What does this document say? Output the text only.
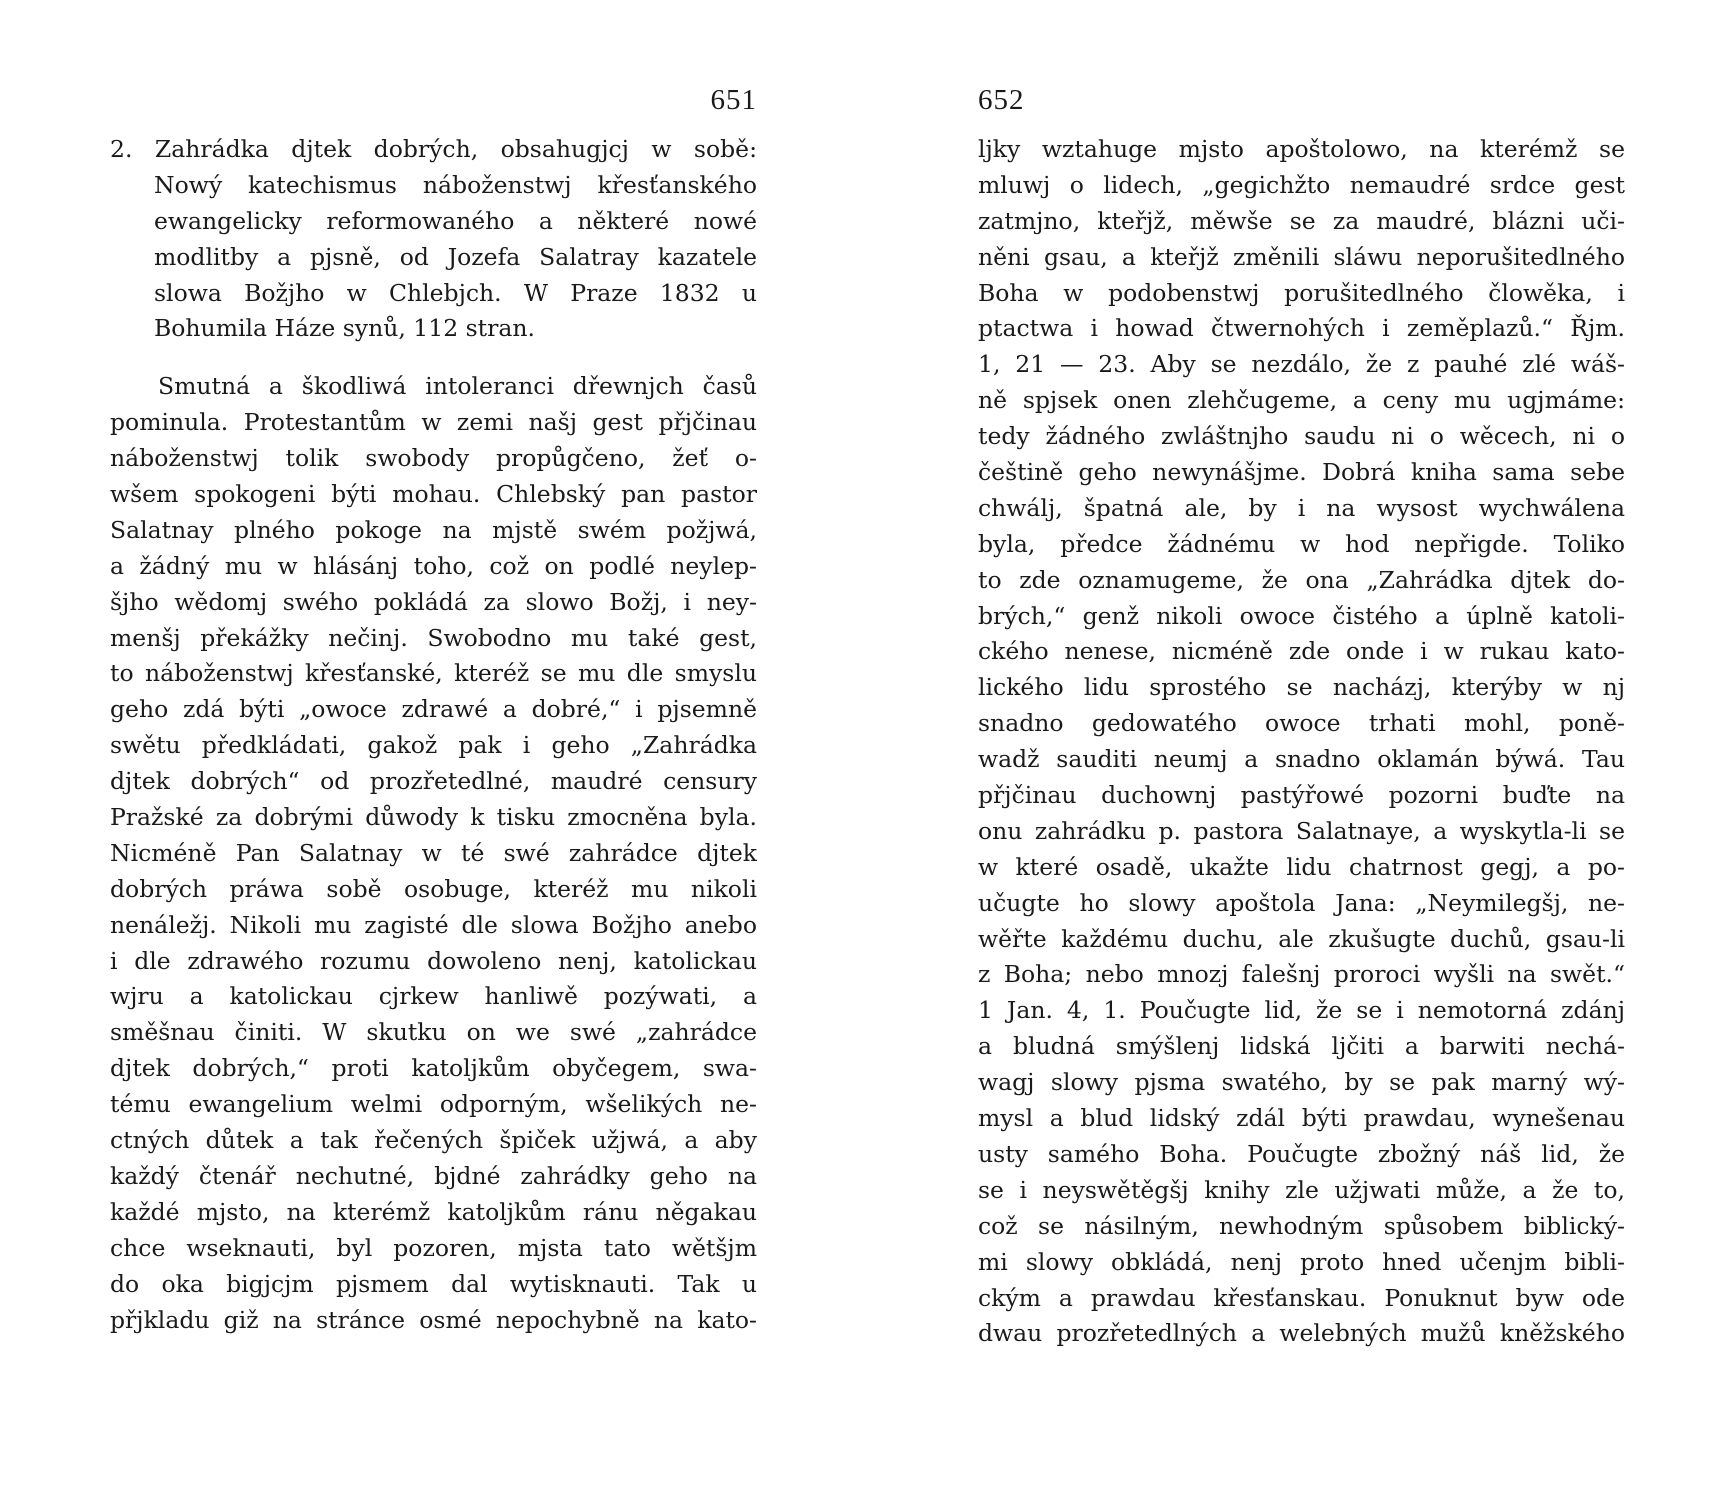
651
2. Zahrádka djtek dobrých, obsahugjcj w sobě:
Nowý katechismus náboženstwj křesťanského
ewangelicky reformowaného a některé nowé
modlitby a pjsně, od Jozefa Salatray kazatele
slowa Božjho w Chlebjch. W Praze 1832 u
Bohumila Háze synů, 112 stran.
Smutná a škodliwá intoleranci dřewnjch časů
pominula. Protestantům w zemi našj gest přjčinau
náboženstwj tolik swobody propůgčeno, žeť o-
wšem spokogeni býti mohau. Chlebský pan pastor
Salatnay plného pokoge na mjstě swém požjwá,
a žádný mu w hlásánj toho, což on podlé neylep-
šjho wědomj swého pokládá za slowo Božj, i ney-
menšj překážky nečinj. Swobodno mu také gest,
to náboženstwj křesťanské, kteréž se mu dle smyslu
geho zdá býti „owoce zdrawé a dobré,“ i pjsemně
swětu předkládati, gakož pak i geho „Zahrádka
djtek dobrých“ od prozřetedlné, maudré censury
Pražské za dobrými důwody k tisku zmocněna byla.
Nicméně Pan Salatnay w té swé zahrádce djtek
dobrých práwa sobě osobuge, kteréž mu nikoli
nenáležj. Nikoli mu zagisté dle slowa Božjho anebo
i dle zdrawého rozumu dowoleno nenj, katolickau
wjru a katolickau cjrkew hanliwě pozýwati, a
směšnau činiti. W skutku on we swé „zahrádce
djtek dobrých,“ proti katoljkům obyčegem, swa-
tému ewangelium welmi odporným, wšelikých ne-
ctných důtek a tak řečených špiček užjwá, a aby
každý čtenář nechutné, bjdné zahrádky geho na
každé mjsto, na kterémž katoljkům ránu něgakau
chce wseknauti, byl pozoren, mjsta tato wětšjm
do oka bigjcjm pjsmem dal wytisknauti. Tak u
přjkladu giž na stránce osmé nepochybně na kato-
652
ljky wztahuge mjsto apoštolowo, na kterémž se
mluwj o lidech, „gegichžto nemaudré srdce gest
zatmjno, kteřjž, měwše se za maudré, blázni uči-
něni gsau, a kteřjž změnili sláwu neporušitedlného
Boha w podobenstwj porušitedlného člowěka, i
ptactwa i howad čtwernohých i zeměplazů.“ Řjm.
1, 21 — 23. Aby se nezdálo, že z pauhé zlé wáš-
ně spjsek onen zlehčugeme, a ceny mu ugjmáme:
tedy žádného zwláštnjho saudu ni o wěcech, ni o
češtině geho newynášjme. Dobrá kniha sama sebe
chwálj, špatná ale, by i na wysost wychwálena
byla, předce žádnému w hod nepřigde. Toliko
to zde oznamugeme, že ona „Zahrádka djtek do-
brých,“ genž nikoli owoce čistého a úplně katoli-
ckého nenese, nicméně zde onde i w rukau kato-
lického lidu sprostého se nacházj, kterýby w nj
snadno gedowatého owoce trhati mohl, poně-
wadž sauditi neumj a snadno oklamán býwá. Tau
přjčinau duchownj pastýřowé pozorni buďte na
onu zahrádku p. pastora Salatnaye, a wyskytla-li se
w které osadě, ukažte lidu chatrnost gegj, a po-
učugte ho slowy apoštola Jana: „Neymilegšj, ne-
wěřte každému duchu, ale zkušugte duchů, gsau-li
z Boha; nebo mnozj falešnj proroci wyšli na swět.“
1 Jan. 4, 1. Poučugte lid, že se i nemotorná zdánj
a bludná smýšlenj lidská ljčiti a barwiti nechá-
wagj slowy pjsma swatého, by se pak marný wý-
mysl a blud lidský zdál býti prawdau, wynešenau
usty samého Boha. Poučugte zbožný náš lid, že
se i neyswětěgšj knihy zle užjwati může, a že to,
což se násilným, newhodným spůsobem biblický-
mi slowy obkládá, nenj proto hned učenjm bibli-
ckým a prawdau křesťanskau. Ponuknut byw ode
dwau prozřetedlných a welebných mužů kněžského
